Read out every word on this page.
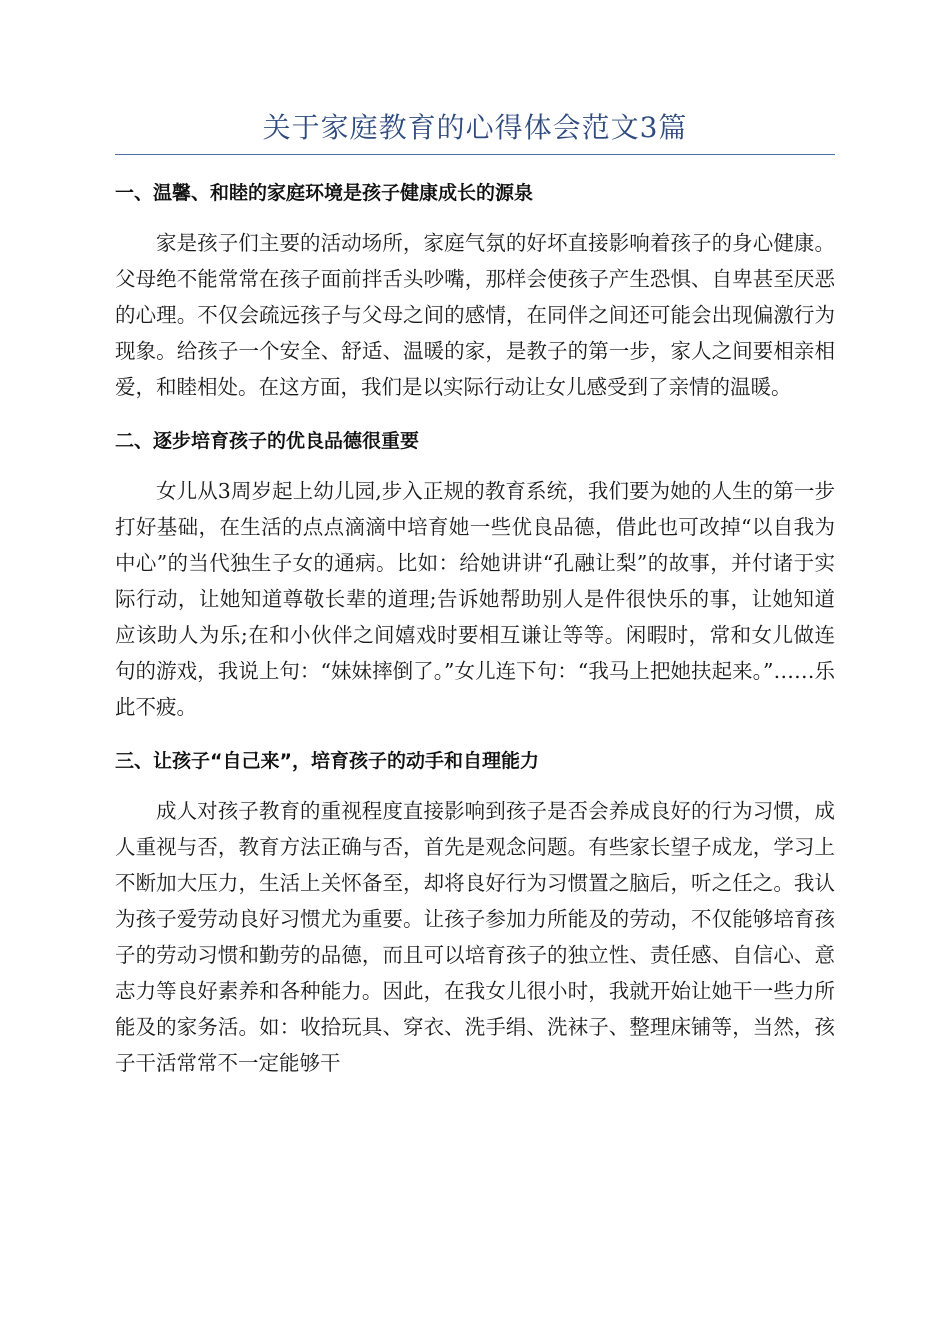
关于家庭教育的心得体会范文3篇
一、温馨、和睦的家庭环境是孩子健康成长的源泉

家是孩子们主要的活动场所，家庭气氛的好坏直接影响着孩子的身心健康。父母绝不能常常在孩子面前拌舌头吵嘴，那样会使孩子产生恐惧、自卑甚至厌恶的心理。不仅会疏远孩子与父母之间的感情，在同伴之间还可能会出现偏激行为现象。给孩子一个安全、舒适、温暖的家，是教子的第一步，家人之间要相亲相爱，和睦相处。在这方面，我们是以实际行动让女儿感受到了亲情的温暖。

二、逐步培育孩子的优良品德很重要

女儿从3周岁起上幼儿园,步入正规的教育系统，我们要为她的人生的第一步打好基础，在生活的点点滴滴中培育她一些优良品德，借此也可改掉“以自我为中心”的当代独生子女的通病。比如：给她讲讲“孔融让梨”的故事，并付诸于实际行动，让她知道尊敬长辈的道理;告诉她帮助别人是件很快乐的事，让她知道应该助人为乐;在和小伙伴之间嬉戏时要相互谦让等等。闲暇时，常和女儿做连句的游戏，我说上句：“妹妹摔倒了。”女儿连下句：“我马上把她扶起来。”……乐此不疲。

三、让孩子“自己来”，培育孩子的动手和自理能力

成人对孩子教育的重视程度直接影响到孩子是否会养成良好的行为习惯，成人重视与否，教育方法正确与否，首先是观念问题。有些家长望子成龙，学习上不断加大压力，生活上关怀备至，却将良好行为习惯置之脑后，听之任之。我认为孩子爱劳动良好习惯尤为重要。让孩子参加力所能及的劳动，不仅能够培育孩子的劳动习惯和勤劳的品德，而且可以培育孩子的独立性、责任感、自信心、意志力等良好素养和各种能力。因此，在我女儿很小时，我就开始让她干一些力所能及的家务活。如：收拾玩具、穿衣、洗手绢、洗袜子、整理床铺等，当然，孩子干活常常不一定能够干
